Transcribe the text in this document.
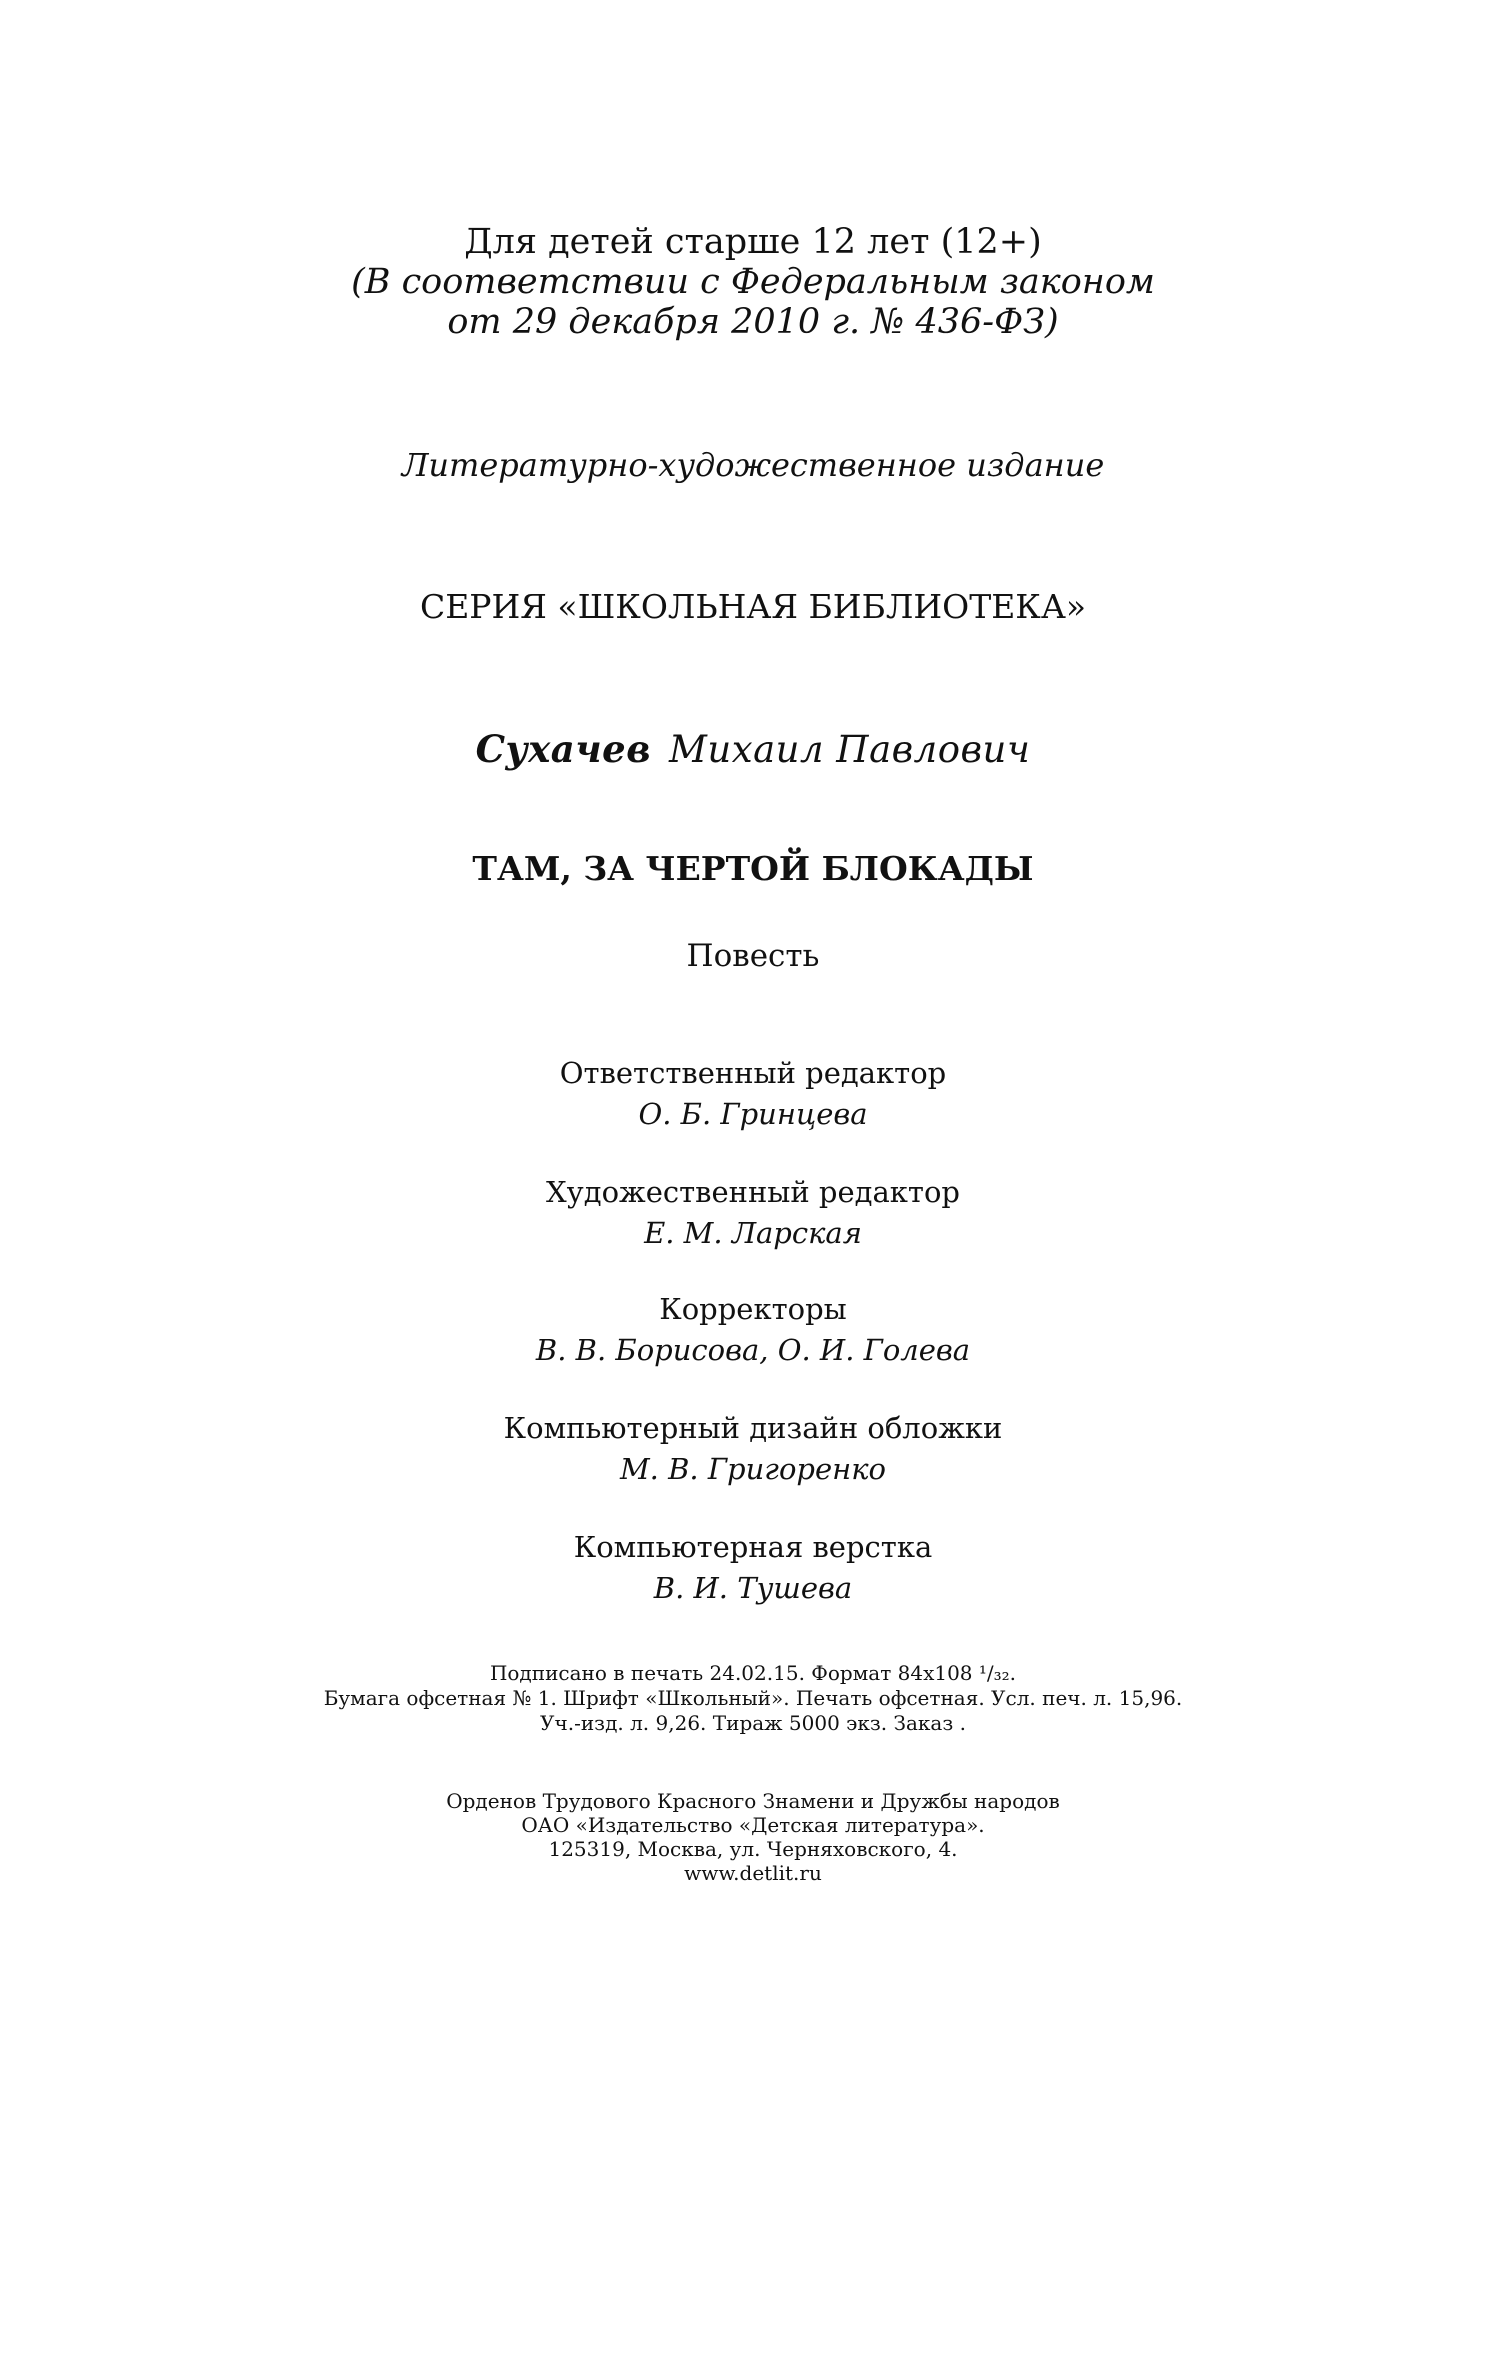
Для детей старше 12 лет (12+)

(В соответствии с Федеральным законом

от 29 декабря 2010 г. № 436-ФЗ)

Литературно-художественное издание

СЕРИЯ «ШКОЛЬНАЯ БИБЛИОТЕКА»

Сухачев Михаил Павлович

ТАМ, ЗА ЧЕРТОЙ БЛОКАДЫ

Повесть

Ответственный редактор

О. Б. Гринцева

Художественный редактор

Е. М. Ларская

Корректоры

В. В. Борисова, О. И. Голева

Компьютерный дизайн обложки

М. В. Григоренко

Компьютерная верстка

В. И. Тушева

Подписано в печать 24.02.15. Формат 84x108 ¹/₃₂.

Бумага офсетная № 1. Шрифт «Школьный». Печать офсетная. Усл. печ. л. 15,96.

Уч.-изд. л. 9,26. Тираж 5000 экз. Заказ .

Орденов Трудового Красного Знамени и Дружбы народов

ОАО «Издательство «Детская литература».

125319, Москва, ул. Черняховского, 4.

www.detlit.ru
